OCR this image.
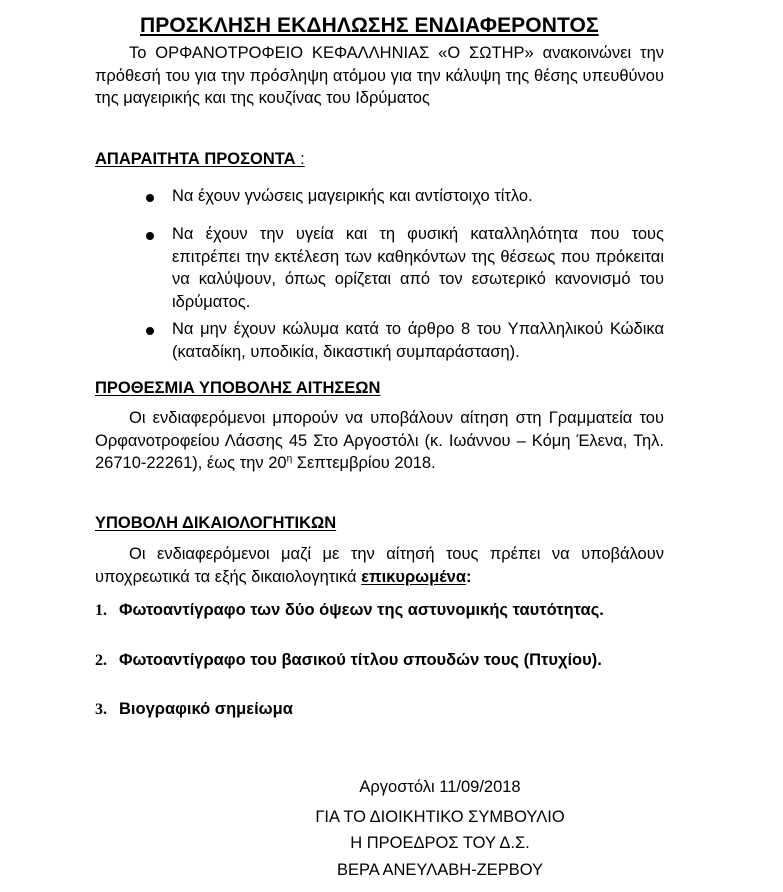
ΠΡΟΣΚΛΗΣΗ ΕΚΔΗΛΩΣΗΣ ΕΝΔΙΑΦΕΡΟΝΤΟΣ
Το ΟΡΦΑΝΟΤΡΟΦΕΙΟ ΚΕΦΑΛΛΗΝΙΑΣ «Ο ΣΩΤΗΡ» ανακοινώνει την πρόθεσή του για την πρόσληψη ατόμου για την κάλυψη της θέσης υπευθύνου της μαγειρικής και της κουζίνας του Ιδρύματος
ΑΠΑΡΑΙΤΗΤΑ ΠΡΟΣΟΝΤΑ :
Να έχουν γνώσεις μαγειρικής και αντίστοιχο τίτλο.
Να έχουν την υγεία και τη φυσική καταλληλότητα που τους επιτρέπει την εκτέλεση των καθηκόντων της θέσεως που πρόκειται να καλύψουν, όπως ορίζεται από τον εσωτερικό κανονισμό του ιδρύματος.
Να μην έχουν κώλυμα κατά το άρθρο 8 του Υπαλληλικού Κώδικα (καταδίκη, υποδικία, δικαστική συμπαράσταση).
ΠΡΟΘΕΣΜΙΑ ΥΠΟΒΟΛΗΣ ΑΙΤΗΣΕΩΝ
Οι ενδιαφερόμενοι μπορούν να υποβάλουν αίτηση στη Γραμματεία του Ορφανοτροφείου Λάσσης 45 Στο Αργοστόλι (κ. Ιωάννου – Κόμη Έλενα, Τηλ. 26710-22261), έως την $20^\eta$ Σεπτεμβρίου 2018.
ΥΠΟΒΟΛΗ ΔΙΚΑΙΟΛΟΓΗΤΙΚΩΝ
Οι ενδιαφερόμενοι μαζί με την αίτησή τους πρέπει να υποβάλουν υποχρεωτικά τα εξής δικαιολογητικά επικυρωμένα:
1. Φωτοαντίγραφο των δύο όψεων της αστυνομικής ταυτότητας.
2. Φωτοαντίγραφο του βασικού τίτλου σπουδών τους (Πτυχίου).
3. Βιογραφικό σημείωμα
Αργοστόλι 11/09/2018
ΓΙΑ ΤΟ ΔΙΟΙΚΗΤΙΚΟ ΣΥΜΒΟΥΛΙΟ
Η ΠΡΟΕΔΡΟΣ ΤΟΥ Δ.Σ.
ΒΕΡΑ ΑΝΕΥΛΑΒΗ-ΖΕΡΒΟΥ
